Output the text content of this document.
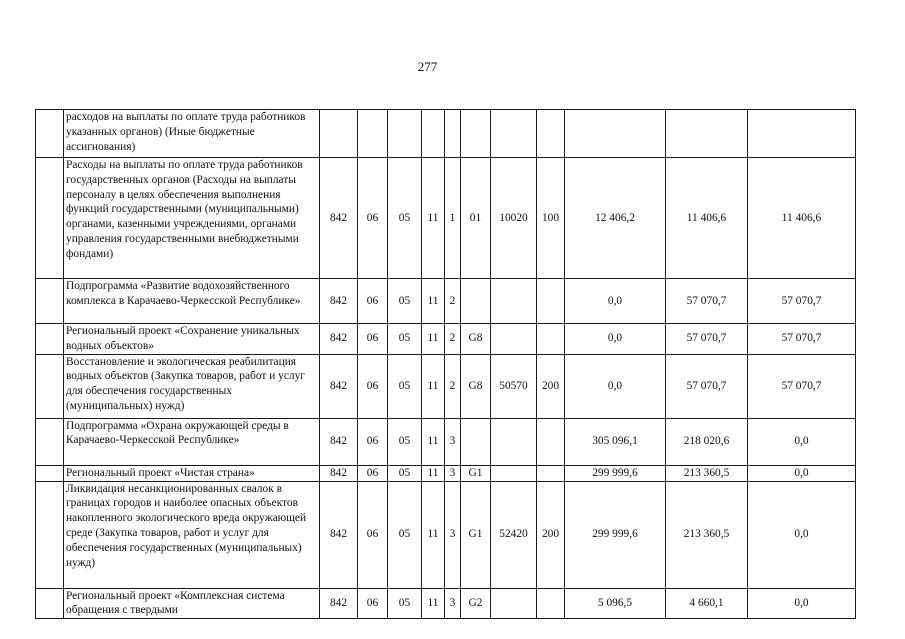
277
	расходов на выплаты по оплате труда работников указанных органов) (Иные бюджетные ассигнования)											
	Расходы на выплаты по оплате труда работников государственных органов (Расходы на выплаты персоналу в целях обеспечения выполнения функций государственными (муниципальными) органами, казенными учреждениями, органами управления государственными внебюджетными фондами)	842	06	05	11	1	01	10020	100	12 406,2	11 406,6	11 406,6
	Подпрограмма «Развитие водохозяйственного комплекса в Карачаево-Черкесской Республике»	842	06	05	11	2				0,0	57 070,7	57 070,7
	Региональный проект «Сохранение уникальных водных объектов»	842	06	05	11	2	G8			0,0	57 070,7	57 070,7
	Восстановление и экологическая реабилитация водных объектов (Закупка товаров, работ и услуг для обеспечения государственных (муниципальных) нужд)	842	06	05	11	2	G8	50570	200	0,0	57 070,7	57 070,7
	Подпрограмма «Охрана окружающей среды в Карачаево-Черкесской Республике»	842	06	05	11	3				305 096,1	218 020,6	0,0
	Региональный проект «Чистая страна»	842	06	05	11	3	G1			299 999,6	213 360,5	0,0
	Ликвидация несанкционированных свалок в границах городов и наиболее опасных объектов накопленного экологического вреда окружающей среде (Закупка товаров, работ и услуг для обеспечения государственных (муниципальных) нужд)	842	06	05	11	3	G1	52420	200	299 999,6	213 360,5	0,0
	Региональный проект «Комплексная система обращения с твердыми	842	06	05	11	3	G2			5 096,5	4 660,1	0,0
